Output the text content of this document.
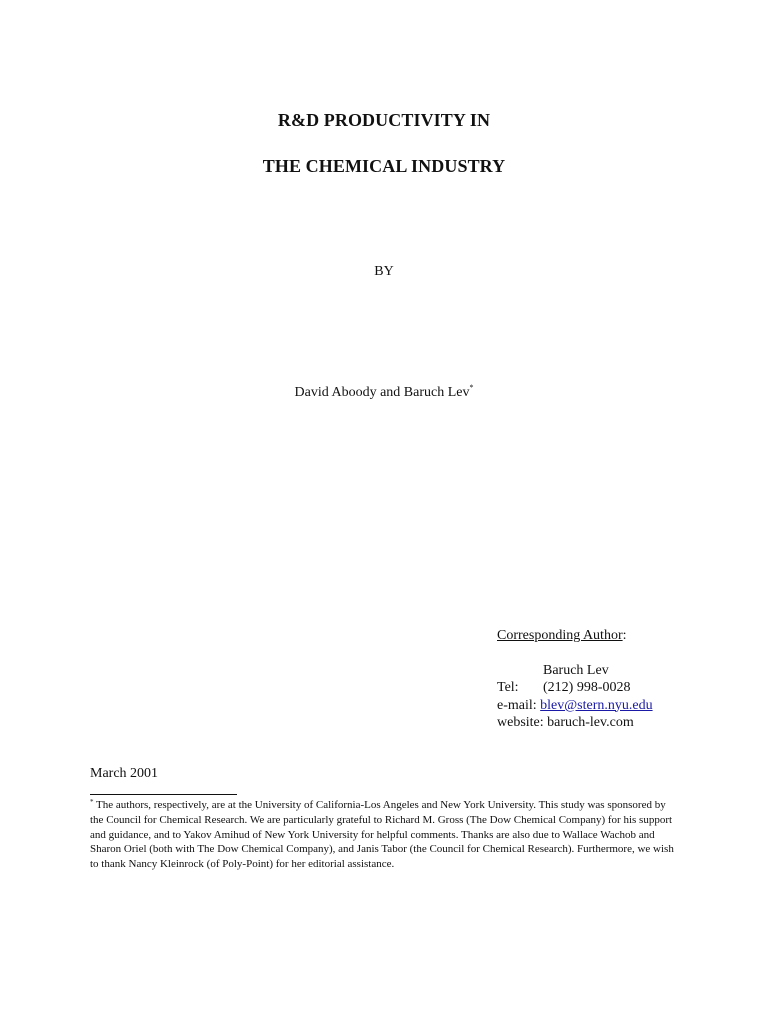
R&D PRODUCTIVITY IN
THE CHEMICAL INDUSTRY
BY
David Aboody and Baruch Lev*
Corresponding Author:
Baruch Lev
Tel: (212) 998-0028
e-mail: blev@stern.nyu.edu
website: baruch-lev.com
March 2001
* The authors, respectively, are at the University of California-Los Angeles and New York University. This study was sponsored by the Council for Chemical Research. We are particularly grateful to Richard M. Gross (The Dow Chemical Company) for his support and guidance, and to Yakov Amihud of New York University for helpful comments. Thanks are also due to Wallace Wachob and Sharon Oriel (both with The Dow Chemical Company), and Janis Tabor (the Council for Chemical Research). Furthermore, we wish to thank Nancy Kleinrock (of Poly-Point) for her editorial assistance.
